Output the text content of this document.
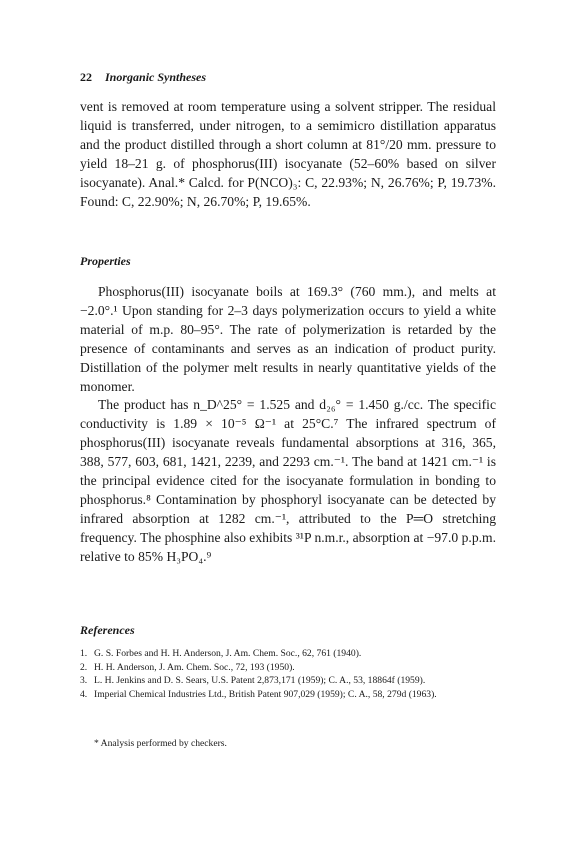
22 Inorganic Syntheses

vent is removed at room temperature using a solvent stripper. The residual liquid is transferred, under nitrogen, to a semimicro distillation apparatus and the product distilled through a short column at 81°/20 mm. pressure to yield 18–21 g. of phosphorus(III) isocyanate (52–60% based on silver isocyanate). Anal.* Calcd. for P(NCO)₃: C, 22.93%; N, 26.76%; P, 19.73%. Found: C, 22.90%; N, 26.70%; P, 19.65%.

Properties

Phosphorus(III) isocyanate boils at 169.3° (760 mm.), and melts at −2.0°.¹ Upon standing for 2–3 days polymerization occurs to yield a white material of m.p. 80–95°. The rate of polymerization is retarded by the presence of contaminants and serves as an indication of product purity. Distillation of the polymer melt results in nearly quantitative yields of the monomer.

The product has n_D^25° = 1.525 and d₂₆° = 1.450 g./cc. The specific conductivity is 1.89 × 10⁻⁵ Ω⁻¹ at 25°C.⁷ The infrared spectrum of phosphorus(III) isocyanate reveals fundamental absorptions at 316, 365, 388, 577, 603, 681, 1421, 2239, and 2293 cm.⁻¹. The band at 1421 cm.⁻¹ is the principal evidence cited for the isocyanate formulation in bonding to phosphorus.⁸ Contamination by phosphoryl isocyanate can be detected by infrared absorption at 1282 cm.⁻¹, attributed to the P═O stretching frequency. The phosphine also exhibits ³¹P n.m.r., absorption at −97.0 p.p.m. relative to 85% H₃PO₄.⁹

References
1. G. S. Forbes and H. H. Anderson, J. Am. Chem. Soc., 62, 761 (1940).
2. H. H. Anderson, J. Am. Chem. Soc., 72, 193 (1950).
3. L. H. Jenkins and D. S. Sears, U.S. Patent 2,873,171 (1959); C. A., 53, 18864f (1959).
4. Imperial Chemical Industries Ltd., British Patent 907,029 (1959); C. A., 58, 279d (1963).
* Analysis performed by checkers.
